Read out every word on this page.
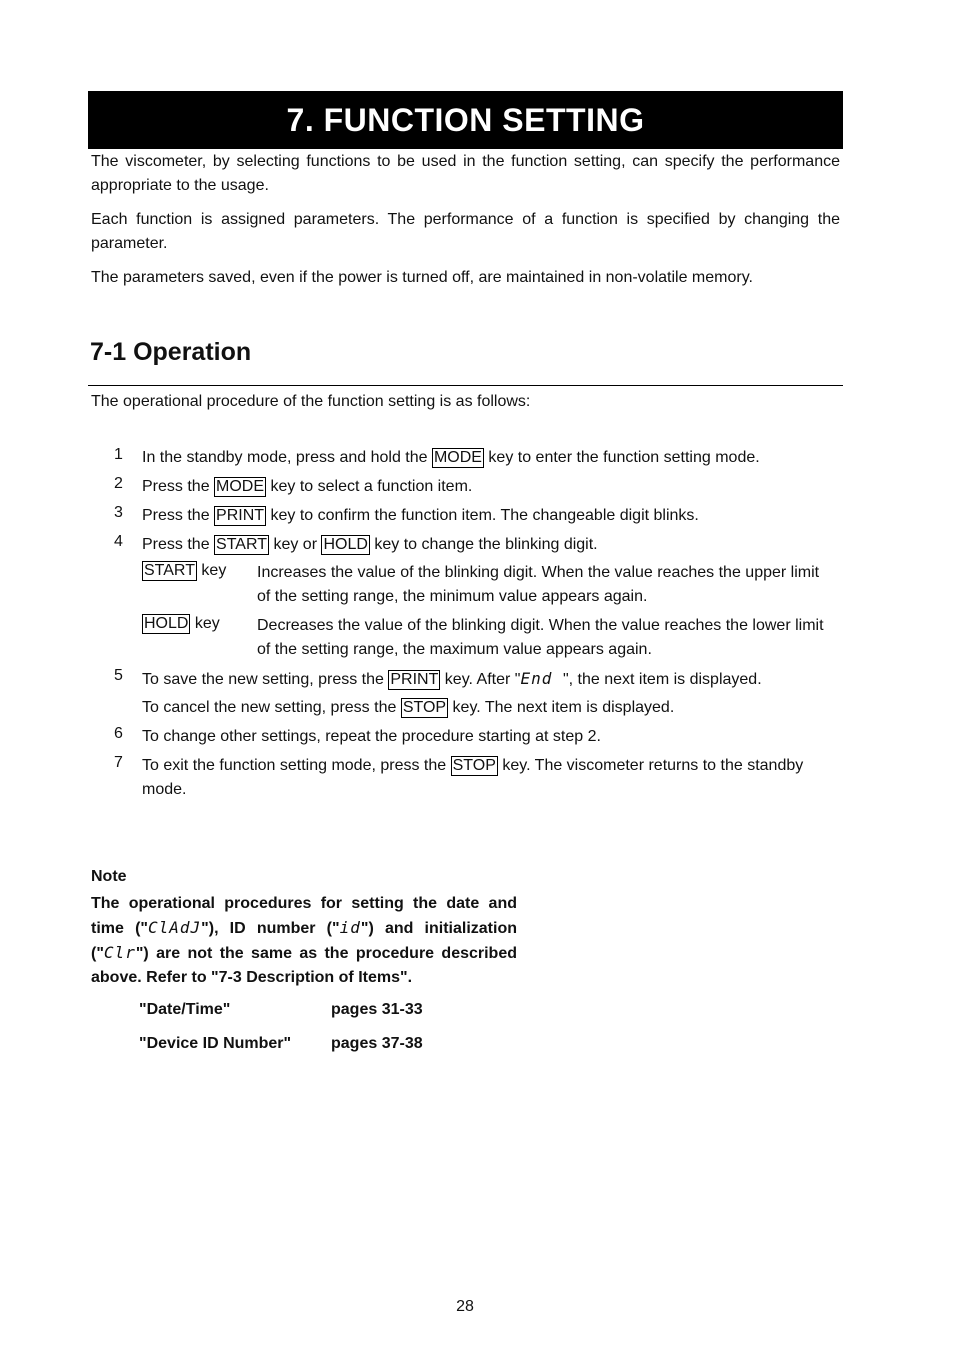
7. FUNCTION SETTING
The viscometer, by selecting functions to be used in the function setting, can specify the performance appropriate to the usage.
Each function is assigned parameters. The performance of a function is specified by changing the parameter.
The parameters saved, even if the power is turned off, are maintained in non-volatile memory.
7-1 Operation
The operational procedure of the function setting is as follows:
1 In the standby mode, press and hold the MODE key to enter the function setting mode.
2 Press the MODE key to select a function item.
3 Press the PRINT key to confirm the function item. The changeable digit blinks.
4 Press the START key or HOLD key to change the blinking digit.
START key Increases the value of the blinking digit. When the value reaches the upper limit of the setting range, the minimum value appears again.
HOLD key Decreases the value of the blinking digit. When the value reaches the lower limit of the setting range, the maximum value appears again.
5 To save the new setting, press the PRINT key. After "End ", the next item is displayed.
To cancel the new setting, press the STOP key. The next item is displayed.
6 To change other settings, repeat the procedure starting at step 2.
7 To exit the function setting mode, press the STOP key. The viscometer returns to the standby mode.
Note
The operational procedures for setting the date and time ("ClAdJ"), ID number ("id") and initialization ("Clr") are not the same as the procedure described above. Refer to "7-3 Description of Items".
"Date/Time"	pages 31-33
"Device ID Number" pages 37-38
28
